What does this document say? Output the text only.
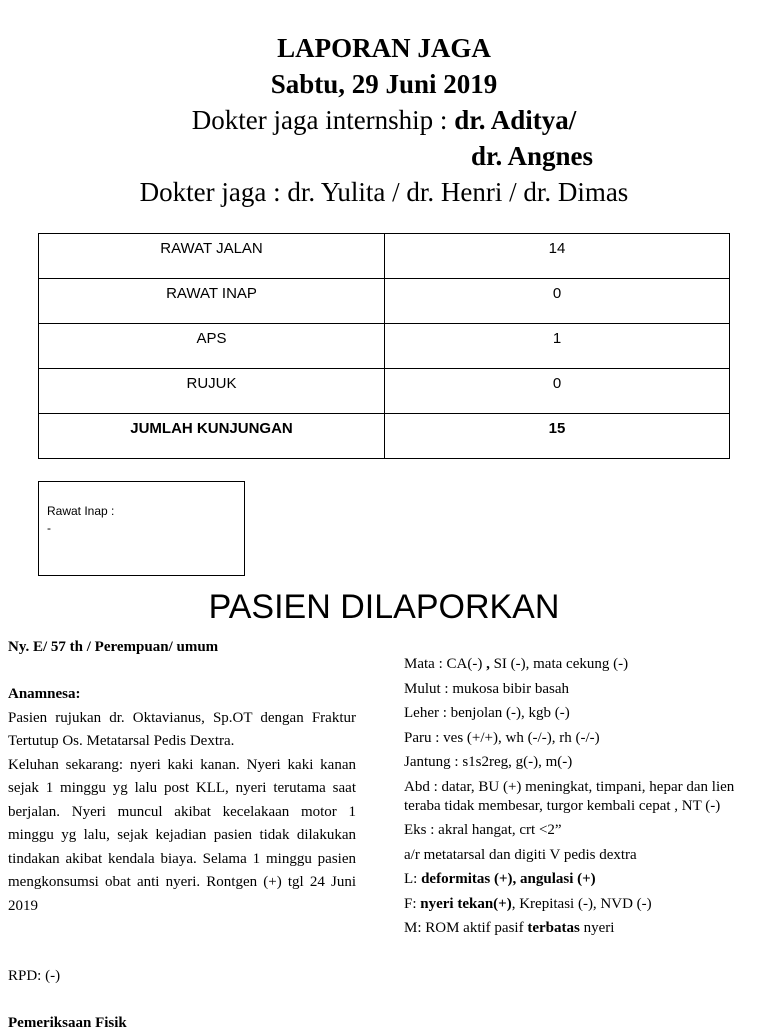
LAPORAN JAGA
Sabtu, 29 Juni 2019
Dokter jaga internship : dr. Aditya/
dr. Angnes
Dokter jaga : dr. Yulita / dr. Henri / dr. Dimas
RAWAT JALAN	14
RAWAT INAP	0
APS	1
RUJUK	0
JUMLAH KUNJUNGAN	15
Rawat Inap :
-
PASIEN DILAPORKAN
Ny. E/ 57 th / Perempuan/ umum
Anamnesa:
Pasien rujukan dr. Oktavianus, Sp.OT dengan Fraktur Tertutup Os. Metatarsal Pedis Dextra.
Keluhan sekarang: nyeri kaki kanan. Nyeri kaki kanan sejak 1 minggu yg lalu post KLL, nyeri terutama saat berjalan. Nyeri muncul akibat kecelakaan motor 1 minggu yg lalu, sejak kejadian pasien tidak dilakukan tindakan akibat kendala biaya. Selama 1 minggu pasien mengkonsumsi obat anti nyeri. Rontgen (+) tgl 24 Juni 2019
RPD: (-)
Pemeriksaan Fisik
Mata : CA(-) , SI (-), mata cekung (-)
Mulut : mukosa bibir basah
Leher : benjolan (-), kgb (-)
Paru : ves (+/+), wh (-/-), rh (-/-)
Jantung : s1s2reg, g(-), m(-)
Abd : datar, BU (+) meningkat, timpani, hepar dan lien teraba tidak membesar, turgor kembali cepat , NT (-)
Eks : akral hangat, crt <2”
a/r metatarsal dan digiti V pedis dextra
L: deformitas (+), angulasi (+)
F: nyeri tekan(+), Krepitasi (-), NVD (-)
M: ROM aktif pasif terbatas nyeri
